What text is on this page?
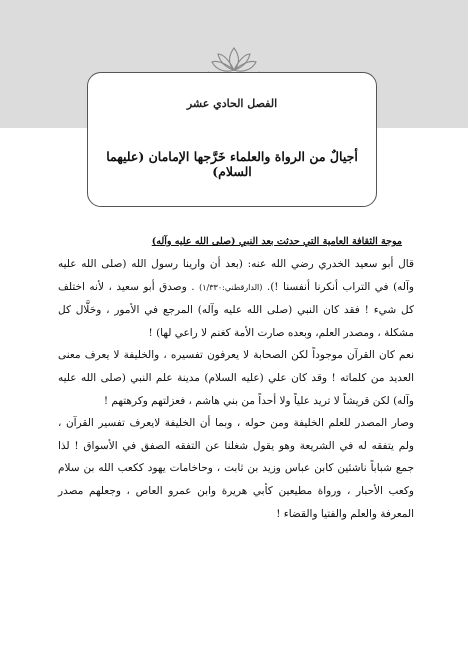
الفصل الحادي عشر
أجيالٌ من الرواة والعلماء خَرَّجها الإمامان (عليهما السلام)
موجة الثقافة العامية التي حدثت بعد النبي (صلى الله عليه وآله)

قال أبو سعيد الخدري رضي الله عنه: (بعد أن وارينا رسول الله (صلى الله عليه وآله) في التراب أنكرنا أنفسنا !). (الدارقطني:١/٣٣٠) . وصدق أبو سعيد ، لأنه اختلف كل شيء ! فقد كان النبي (صلى الله عليه وآله) المرجع في الأمور ، وحَلَّال كل مشكلة ، ومصدر العلم، وبعده صارت الأمة كغنم لا راعي لها) !

نعم كان القرآن موجوداً لكن الصحابة لا يعرفون تفسيره ، والخليفة لا يعرف معنى العديد من كلماته ! وقد كان علي (عليه السلام) مدينة علم النبي (صلى الله عليه وآله) لكن قريشاً لا تريد علياً ولا أحداً من بني هاشم ، فعزلتهم وكرهتهم !

وصار المصدر للعلم الخليفة ومن حوله ، وبما أن الخليفة لايعرف تفسير القرآن ، ولم يتفقه له في الشريعة وهو يقول شغلنا عن التفقه الصفق في الأسواق ! لذا جمع شباباً ناشئين كابن عباس وزيد بن ثابت ، وحاخامات يهود ككعب الله بن سلام وكعب الأحبار ، ورواة مطيعين كأبي هريرة وابن عمرو العاص ، وجعلهم مصدر المعرفة والعلم والفتيا والقضاء !
